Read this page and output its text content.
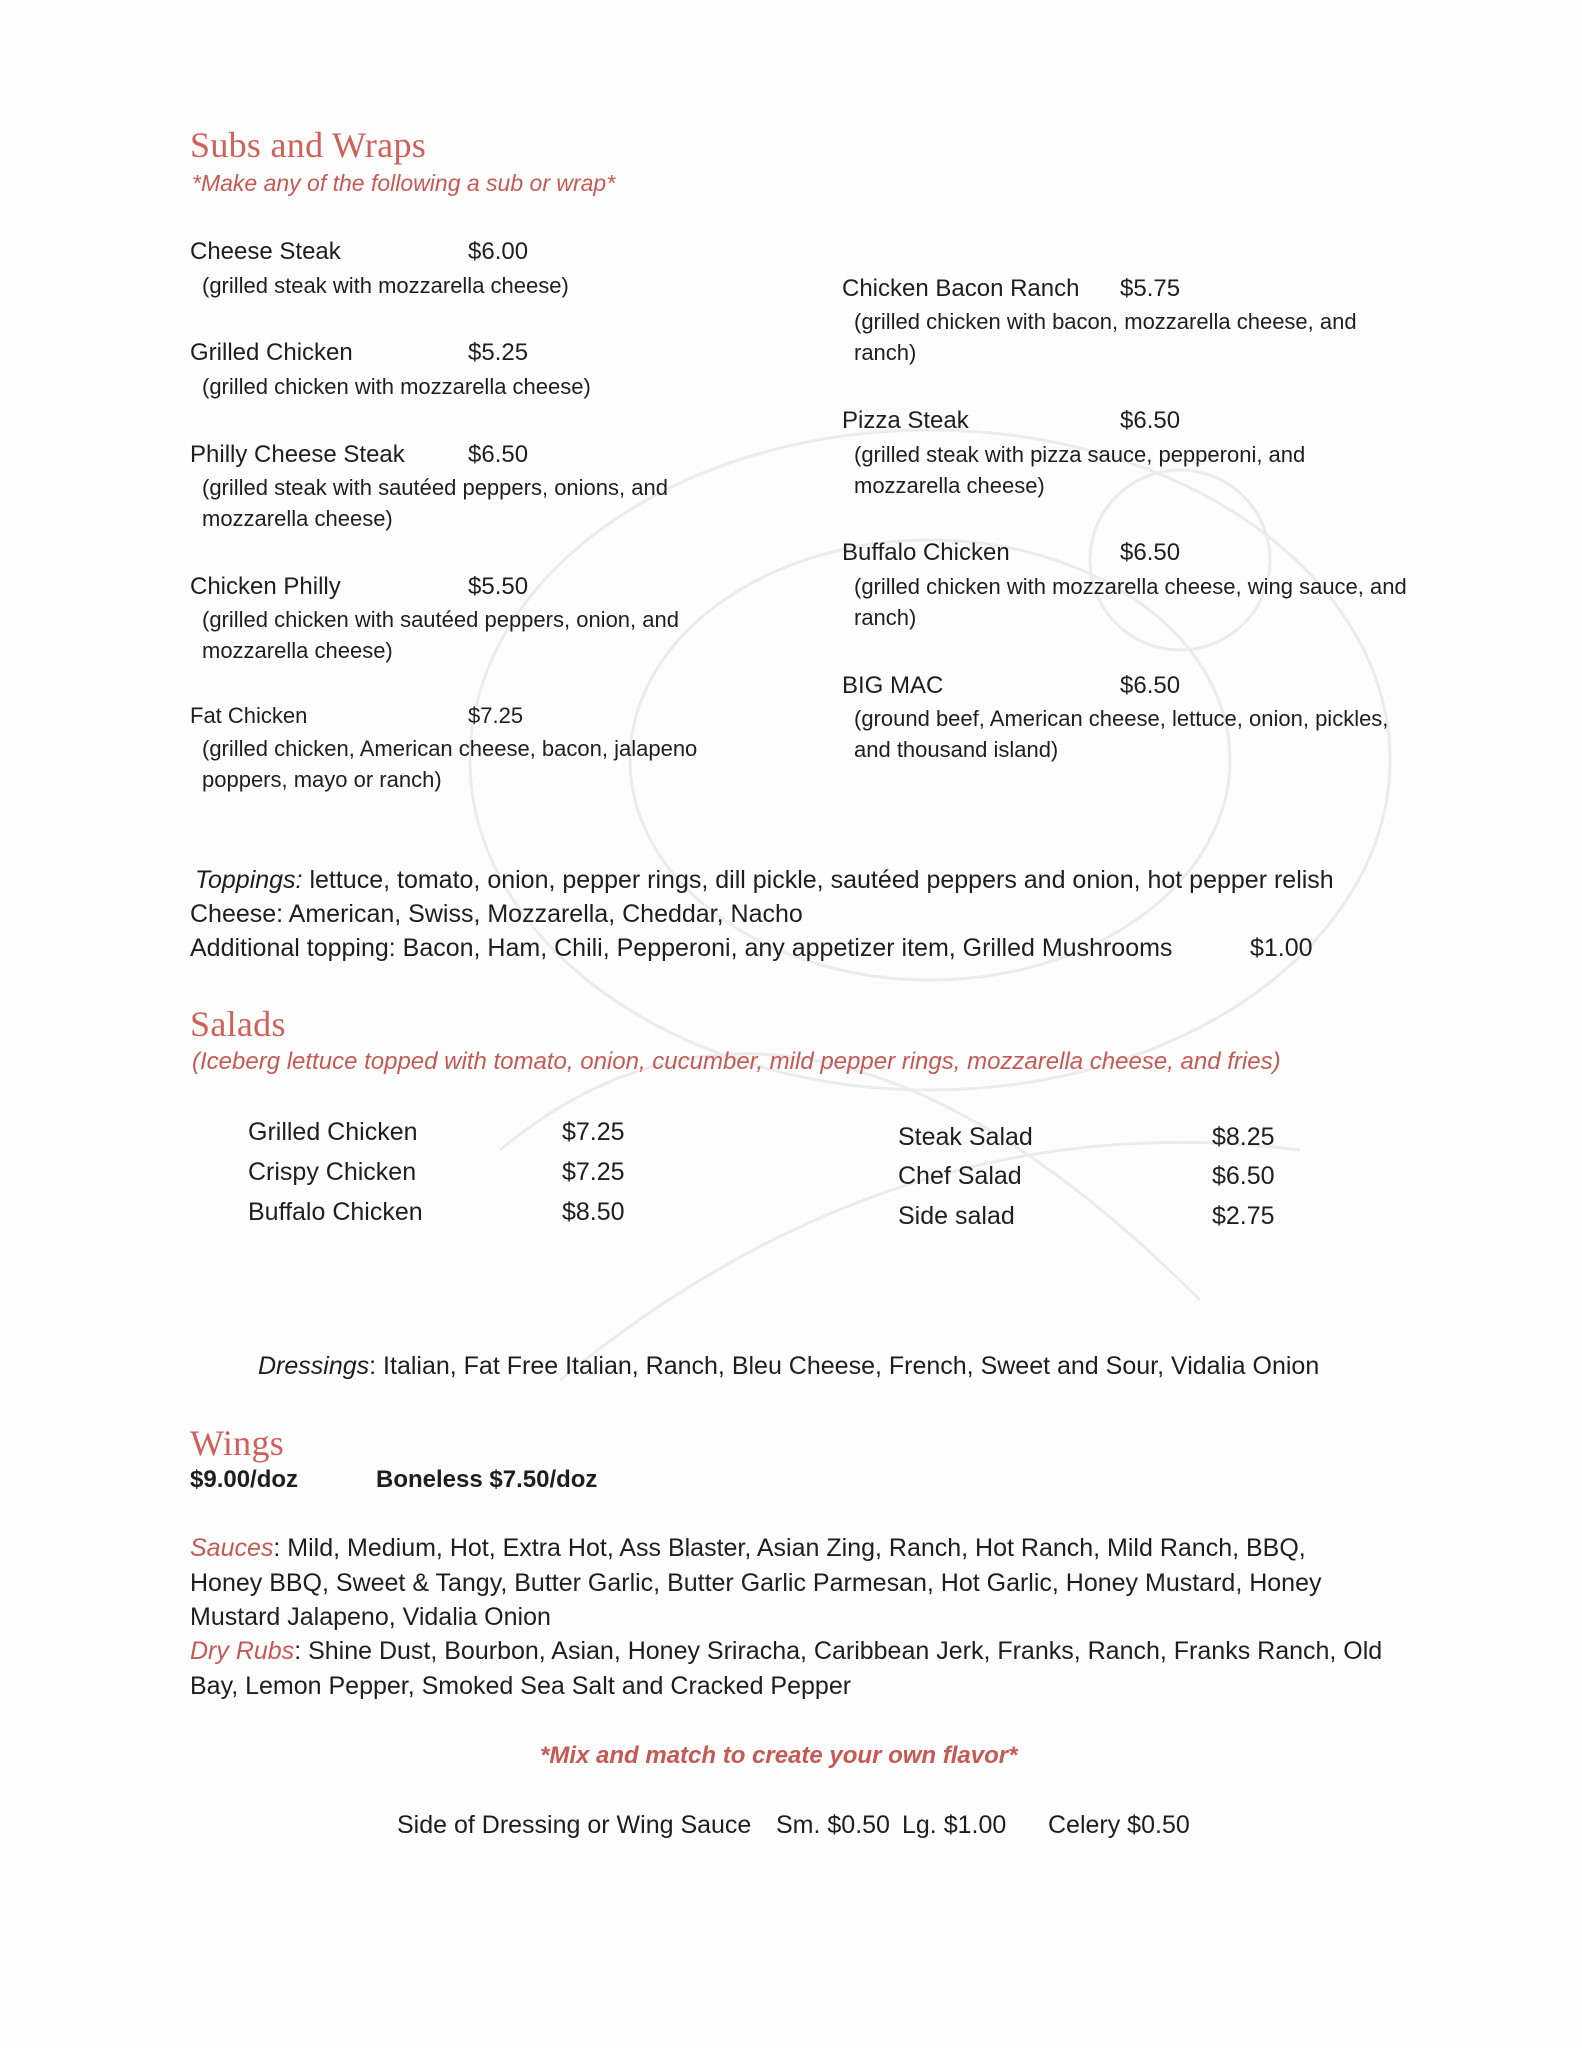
Subs and Wraps
*Make any of the following a sub or wrap*
Cheese Steak	$6.00
(grilled steak with mozzarella cheese)
Grilled Chicken	$5.25
(grilled chicken with mozzarella cheese)
Philly Cheese Steak	$6.50
(grilled steak with sautéed peppers, onions, and mozzarella cheese)
Chicken Philly	$5.50
(grilled chicken with sautéed peppers, onion, and mozzarella cheese)
Fat Chicken	$7.25
(grilled chicken, American cheese, bacon, jalapeno poppers, mayo or ranch)
Chicken Bacon Ranch $5.75
(grilled chicken with bacon, mozzarella cheese, and ranch)
Pizza Steak	$6.50
(grilled steak with pizza sauce, pepperoni, and mozzarella cheese)
Buffalo Chicken	$6.50
(grilled chicken with mozzarella cheese, wing sauce, and ranch)
BIG MAC	$6.50
(ground beef, American cheese, lettuce, onion, pickles, and thousand island)
Toppings: lettuce, tomato, onion, pepper rings, dill pickle, sautéed peppers and onion, hot pepper relish
Cheese: American, Swiss, Mozzarella, Cheddar, Nacho
Additional topping: Bacon, Ham, Chili, Pepperoni, any appetizer item, Grilled Mushrooms	$1.00
Salads
(Iceberg lettuce topped with tomato, onion, cucumber, mild pepper rings, mozzarella cheese, and fries)
Grilled Chicken	$7.25
Crispy Chicken	$7.25
Buffalo Chicken	$8.50
Steak Salad	$8.25
Chef Salad	$6.50
Side salad	$2.75
Dressings: Italian, Fat Free Italian, Ranch, Bleu Cheese, French, Sweet and Sour, Vidalia Onion
Wings
$9.00/doz	Boneless $7.50/doz
Sauces: Mild, Medium, Hot, Extra Hot, Ass Blaster, Asian Zing, Ranch, Hot Ranch, Mild Ranch, BBQ,
Honey BBQ, Sweet & Tangy, Butter Garlic, Butter Garlic Parmesan, Hot Garlic, Honey Mustard, Honey
Mustard Jalapeno, Vidalia Onion
Dry Rubs: Shine Dust, Bourbon, Asian, Honey Sriracha, Caribbean Jerk, Franks, Ranch, Franks Ranch, Old
Bay, Lemon Pepper, Smoked Sea Salt and Cracked Pepper
*Mix and match to create your own flavor*
Side of Dressing or Wing Sauce Sm. $0.50 Lg. $1.00 Celery $0.50
